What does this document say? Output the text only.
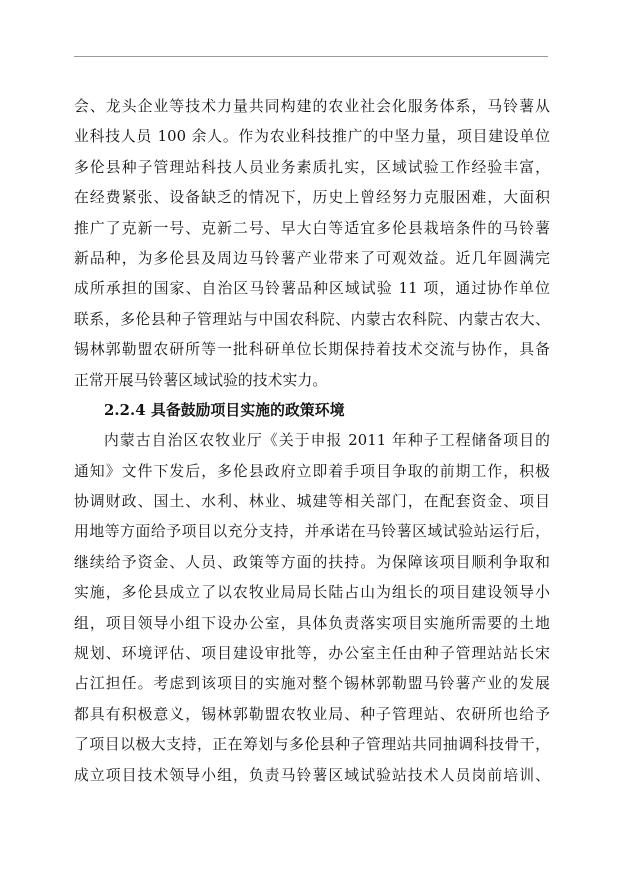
会、龙头企业等技术力量共同构建的农业社会化服务体系，马铃薯从
业科技人员 100 余人。作为农业科技推广的中坚力量，项目建设单位
多伦县种子管理站科技人员业务素质扎实，区域试验工作经验丰富，
在经费紧张、设备缺乏的情况下，历史上曾经努力克服困难，大面积
推广了克新一号、克新二号、早大白等适宜多伦县栽培条件的马铃薯
新品种，为多伦县及周边马铃薯产业带来了可观效益。近几年圆满完
成所承担的国家、自治区马铃薯品种区域试验 11 项，通过协作单位
联系，多伦县种子管理站与中国农科院、内蒙古农科院、内蒙古农大、
锡林郭勒盟农研所等一批科研单位长期保持着技术交流与协作，具备
正常开展马铃薯区域试验的技术实力。
2.2.4 具备鼓励项目实施的政策环境
内蒙古自治区农牧业厅《关于申报 2011 年种子工程储备项目的
通知》文件下发后，多伦县政府立即着手项目争取的前期工作，积极
协调财政、国土、水利、林业、城建等相关部门，在配套资金、项目
用地等方面给予项目以充分支持，并承诺在马铃薯区域试验站运行后，
继续给予资金、人员、政策等方面的扶持。为保障该项目顺利争取和
实施，多伦县成立了以农牧业局局长陆占山为组长的项目建设领导小
组，项目领导小组下设办公室，具体负责落实项目实施所需要的土地
规划、环境评估、项目建设审批等，办公室主任由种子管理站站长宋
占江担任。考虑到该项目的实施对整个锡林郭勒盟马铃薯产业的发展
都具有积极意义，锡林郭勒盟农牧业局、种子管理站、农研所也给予
了项目以极大支持，正在筹划与多伦县种子管理站共同抽调科技骨干，
成立项目技术领导小组，负责马铃薯区域试验站技术人员岗前培训、
